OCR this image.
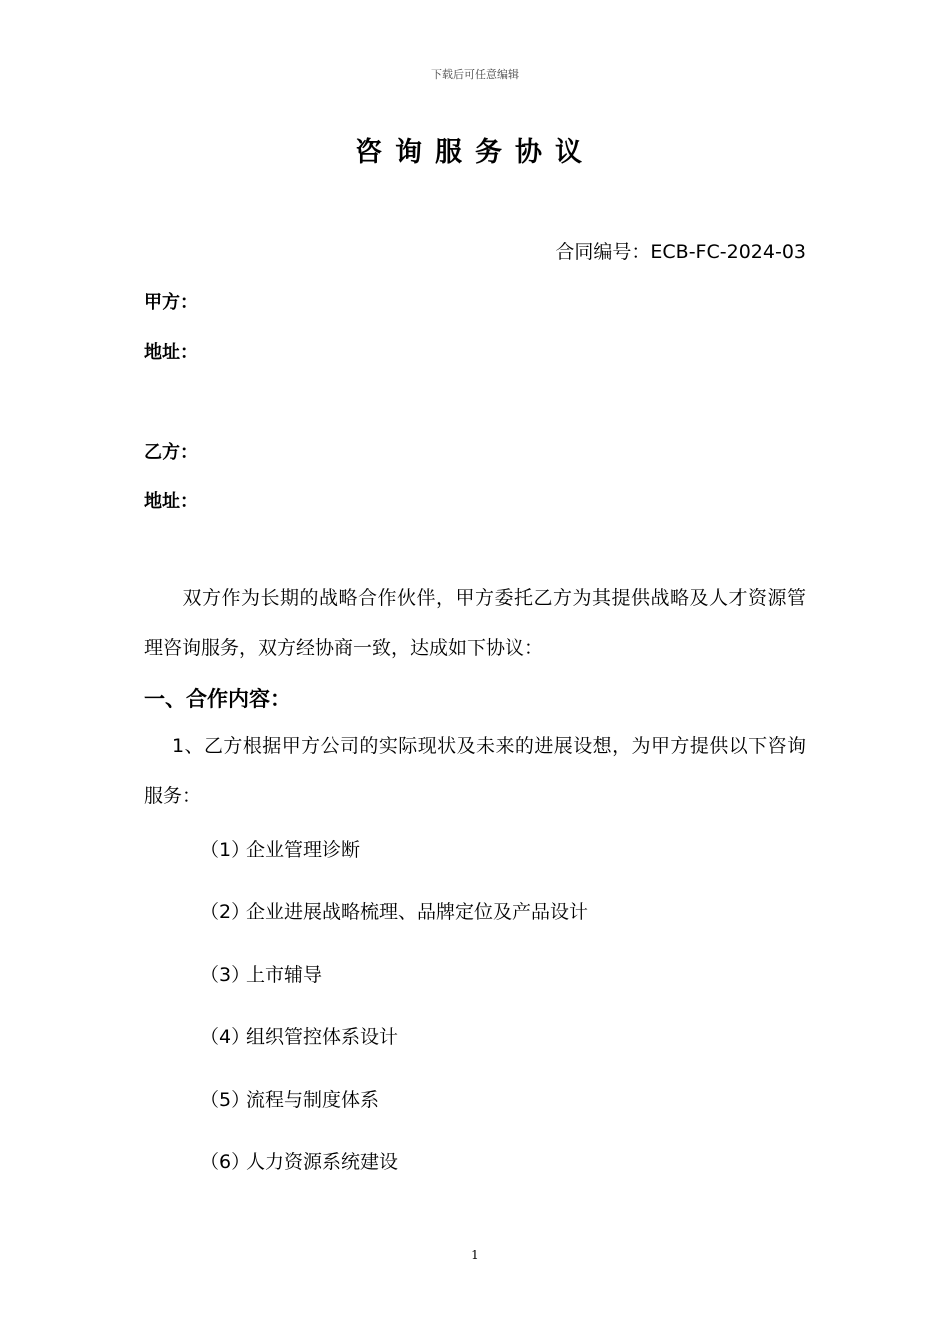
下载后可任意编辑
咨询服务协议
合同编号：ECB-FC-2024-03
甲方：
地址：
乙方：
地址：
双方作为长期的战略合作伙伴，甲方委托乙方为其提供战略及人才资源管理咨询服务，双方经协商一致，达成如下协议：
一、合作内容：
1、乙方根据甲方公司的实际现状及未来的进展设想，为甲方提供以下咨询服务：
（1）企业管理诊断
（2）企业进展战略梳理、品牌定位及产品设计
（3）上市辅导
（4）组织管控体系设计
（5）流程与制度体系
（6）人力资源系统建设
1
